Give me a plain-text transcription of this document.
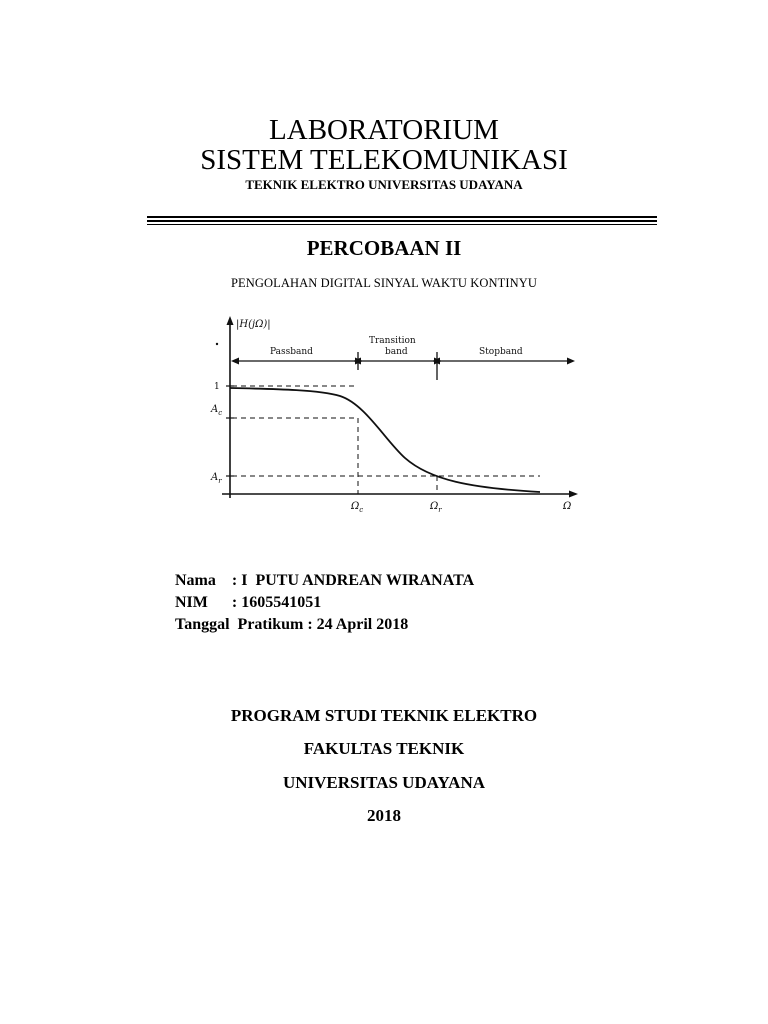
LABORATORIUM
SISTEM TELEKOMUNIKASI
TEKNIK ELEKTRO UNIVERSITAS UDAYANA
PERCOBAAN II
PENGOLAHAN DIGITAL SINYAL WAKTU KONTINYU
|H(jΩ)|
Passband
Transition
band	Stopband
1
$A_c$
$A_r$
$\Omega_c$	$\Omega_r$	Ω
Nama    : I  PUTU ANDREAN WIRANATA
NIM      : 1605541051
Tanggal  Pratikum : 24 April 2018
PROGRAM STUDI TEKNIK ELEKTRO
FAKULTAS TEKNIK
UNIVERSITAS UDAYANA
2018
